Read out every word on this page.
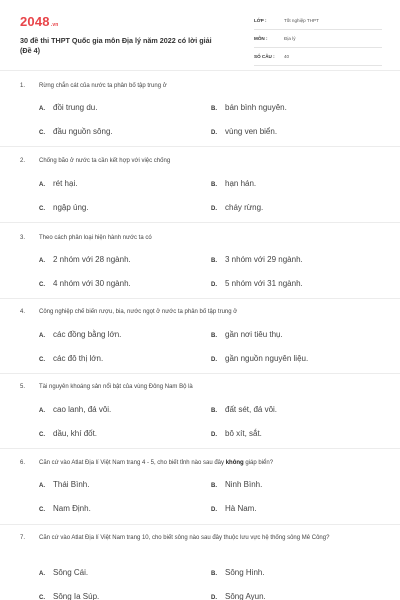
2048.vn
30 đề thi THPT Quốc gia môn Địa lý năm 2022 có lời giải
(Đề 4)
LỚP :	Tốt nghiệp THPT
MÔN :	Địa lý
SỐ CÂU : 40
1. Rừng chắn cát của nước ta phân bố tập trung ở
A. đồi trung du.	B. bán bình nguyên.
C. đầu nguồn sông.	D. vùng ven biển.
2. Chống bão ở nước ta cần kết hợp với việc chống
A. rét hại.	B. hạn hán.
C. ngập úng.	D. cháy rừng.
3. Theo cách phân loại hiện hành nước ta có
A. 2 nhóm với 28 ngành.	B. 3 nhóm với 29 ngành.
C. 4 nhóm với 30 ngành.	D. 5 nhóm với 31 ngành.
4. Công nghiệp chế biến rượu, bia, nước ngọt ở nước ta phân bố tập trung ở
A. các đồng bằng lớn.	B. gần nơi tiêu thụ.
C. các đô thị lớn.	D. gần nguồn nguyên liệu.
5. Tài nguyên khoáng sản nổi bật của vùng Đông Nam Bộ là
A. cao lanh, đá vôi.	B. đất sét, đá vôi.
C. dầu, khí đốt.	D. bô xít, sắt.
6. Căn cứ vào Atlat Địa lí Việt Nam trang 4 - 5, cho biết tỉnh nào sau đây không giáp biển?
A. Thái Bình.	B. Ninh Bình.
C. Nam Định.	D. Hà Nam.
7. Căn cứ vào Atlat Địa lí Việt Nam trang 10, cho biết sông nào sau đây thuộc lưu vực hệ thống sông Mê Công?
A. Sông Cái.	B. Sông Hinh.
C. Sông Ia Súp.	D. Sông Ayun.
